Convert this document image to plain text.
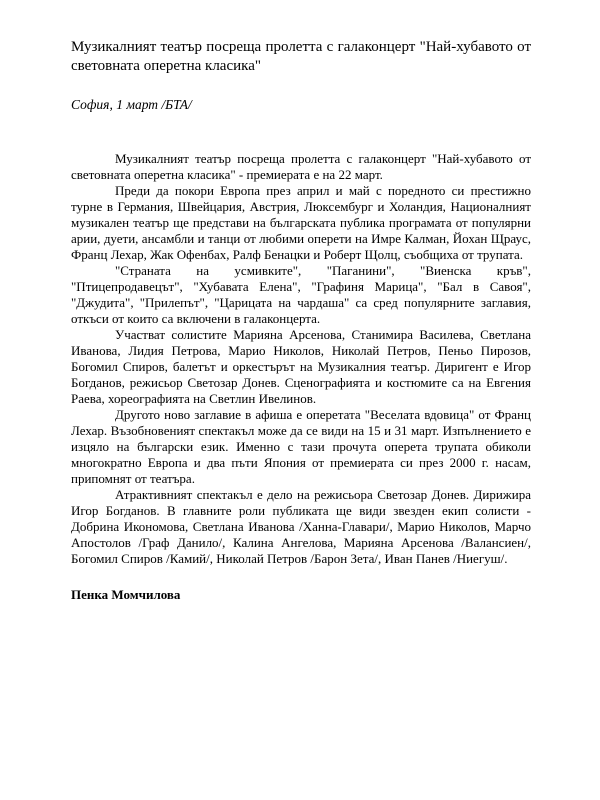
Музикалният театър посреща пролетта с галаконцерт "Най-хубавото от световната оперетна класика"
София, 1 март /БТА/

Музикалният театър посреща пролетта с галаконцерт "Най-хубавото от световната оперетна класика" - премиерата е на 22 март.

Преди да покори Европа през април и май с поредното си престижно турне в Германия, Швейцария, Австрия, Люксембург и Холандия, Националният музикален театър ще представи на българската публика програмата от популярни арии, дуети, ансамбли и танци от любими оперети на Имре Калман, Йохан Щраус, Франц Лехар, Жак Офенбах, Ралф Бенацки и Роберт Щолц, съобщиха от трупата.

"Страната на усмивките", "Паганини", "Виенска кръв", "Птицепродавецът", "Хубавата Елена", "Графиня Марица", "Бал в Савоя", "Джудита", "Прилепът", "Царицата на чардаша" са сред популярните заглавия, откъси от които са включени в галаконцерта.

Участват солистите Марияна Арсенова, Станимира Василева, Светлана Иванова, Лидия Петрова, Марио Николов, Николай Петров, Пеньо Пирозов, Богомил Спиров, балетът и оркестърът на Музикалния театър. Диригент е Игор Богданов, режисьор Светозар Донев. Сценографията и костюмите са на Евгения Раева, хореографията на Светлин Ивелинов.

Другото ново заглавие в афиша е оперетата "Веселата вдовица" от Франц Лехар. Възобновеният спектакъл може да се види на 15 и 31 март. Изпълнението е изцяло на български език. Именно с тази прочута оперета трупата обиколи многократно Европа и два пъти Япония от премиерата си през 2000 г. насам, припомнят от театъра.

Атрактивният спектакъл е дело на режисьора Светозар Донев. Дирижира Игор Богданов. В главните роли публиката ще види звезден екип солисти - Добрина Икономова, Светлана Иванова /Ханна-Главари/, Марио Николов, Марчо Апостолов /Граф Данило/, Калина Ангелова, Марияна Арсенова /Валансиен/, Богомил Спиров /Камий/, Николай Петров /Барон Зета/, Иван Панев /Ниегуш/.

Пенка Момчилова
